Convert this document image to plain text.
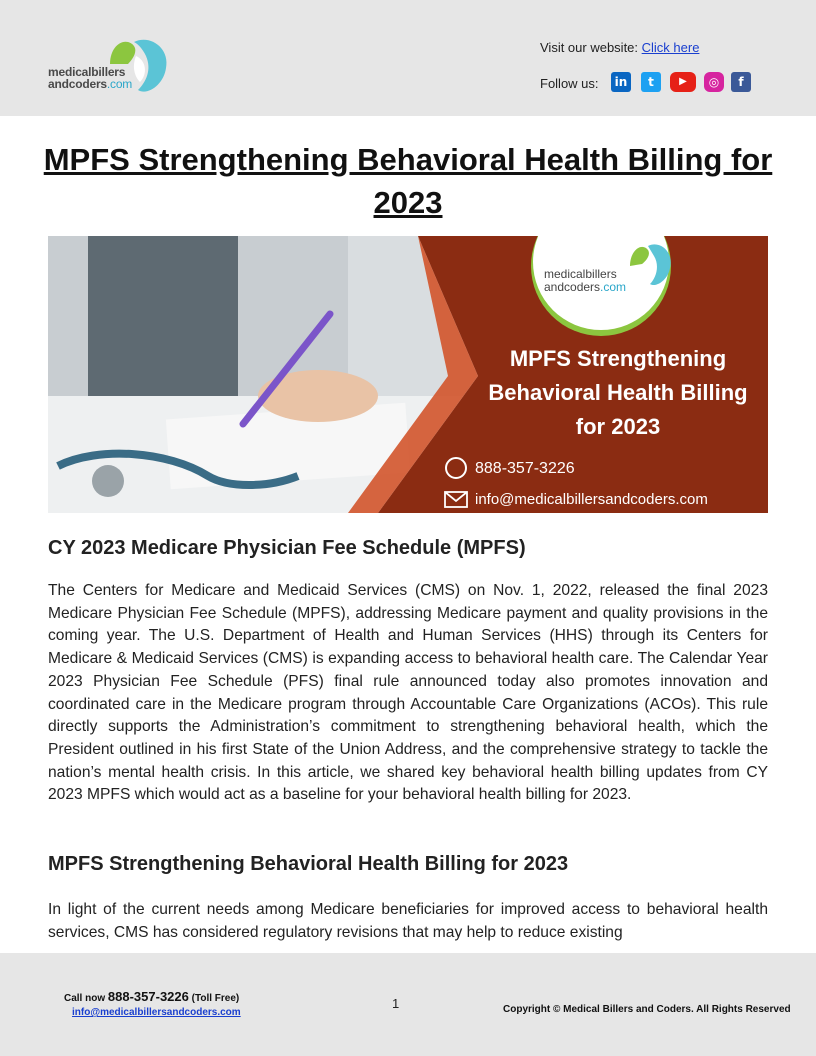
medicalbillers
andcoders.com
Visit our website: Click here
Follow us:	in	t	▶	◎	f
MPFS Strengthening Behavioral Health Billing for 2023
medicalbillers
andcoders.com
MPFS Strengthening Behavioral Health Billing for 2023
888-357-3226
info@medicalbillersandcoders.com
CY 2023 Medicare Physician Fee Schedule (MPFS)

The Centers for Medicare and Medicaid Services (CMS) on Nov. 1, 2022, released the final 2023 Medicare Physician Fee Schedule (MPFS), addressing Medicare payment and quality provisions in the coming year. The U.S. Department of Health and Human Services (HHS) through its Centers for Medicare & Medicaid Services (CMS) is expanding access to behavioral health care. The Calendar Year 2023 Physician Fee Schedule (PFS) final rule announced today also promotes innovation and coordinated care in the Medicare program through Accountable Care Organizations (ACOs). This rule directly supports the Administration’s commitment to strengthening behavioral health, which the President outlined in his first State of the Union Address, and the comprehensive strategy to tackle the nation’s mental health crisis. In this article, we shared key behavioral health billing updates from CY 2023 MPFS which would act as a baseline for your behavioral health billing for 2023.

MPFS Strengthening Behavioral Health Billing for 2023

In light of the current needs among Medicare beneficiaries for improved access to behavioral health services, CMS has considered regulatory revisions that may help to reduce existing

Call now 888-357-3226 (Toll Free)
info@medicalbillersandcoders.com
1	Copyright © Medical Billers and Coders. All Rights Reserved
